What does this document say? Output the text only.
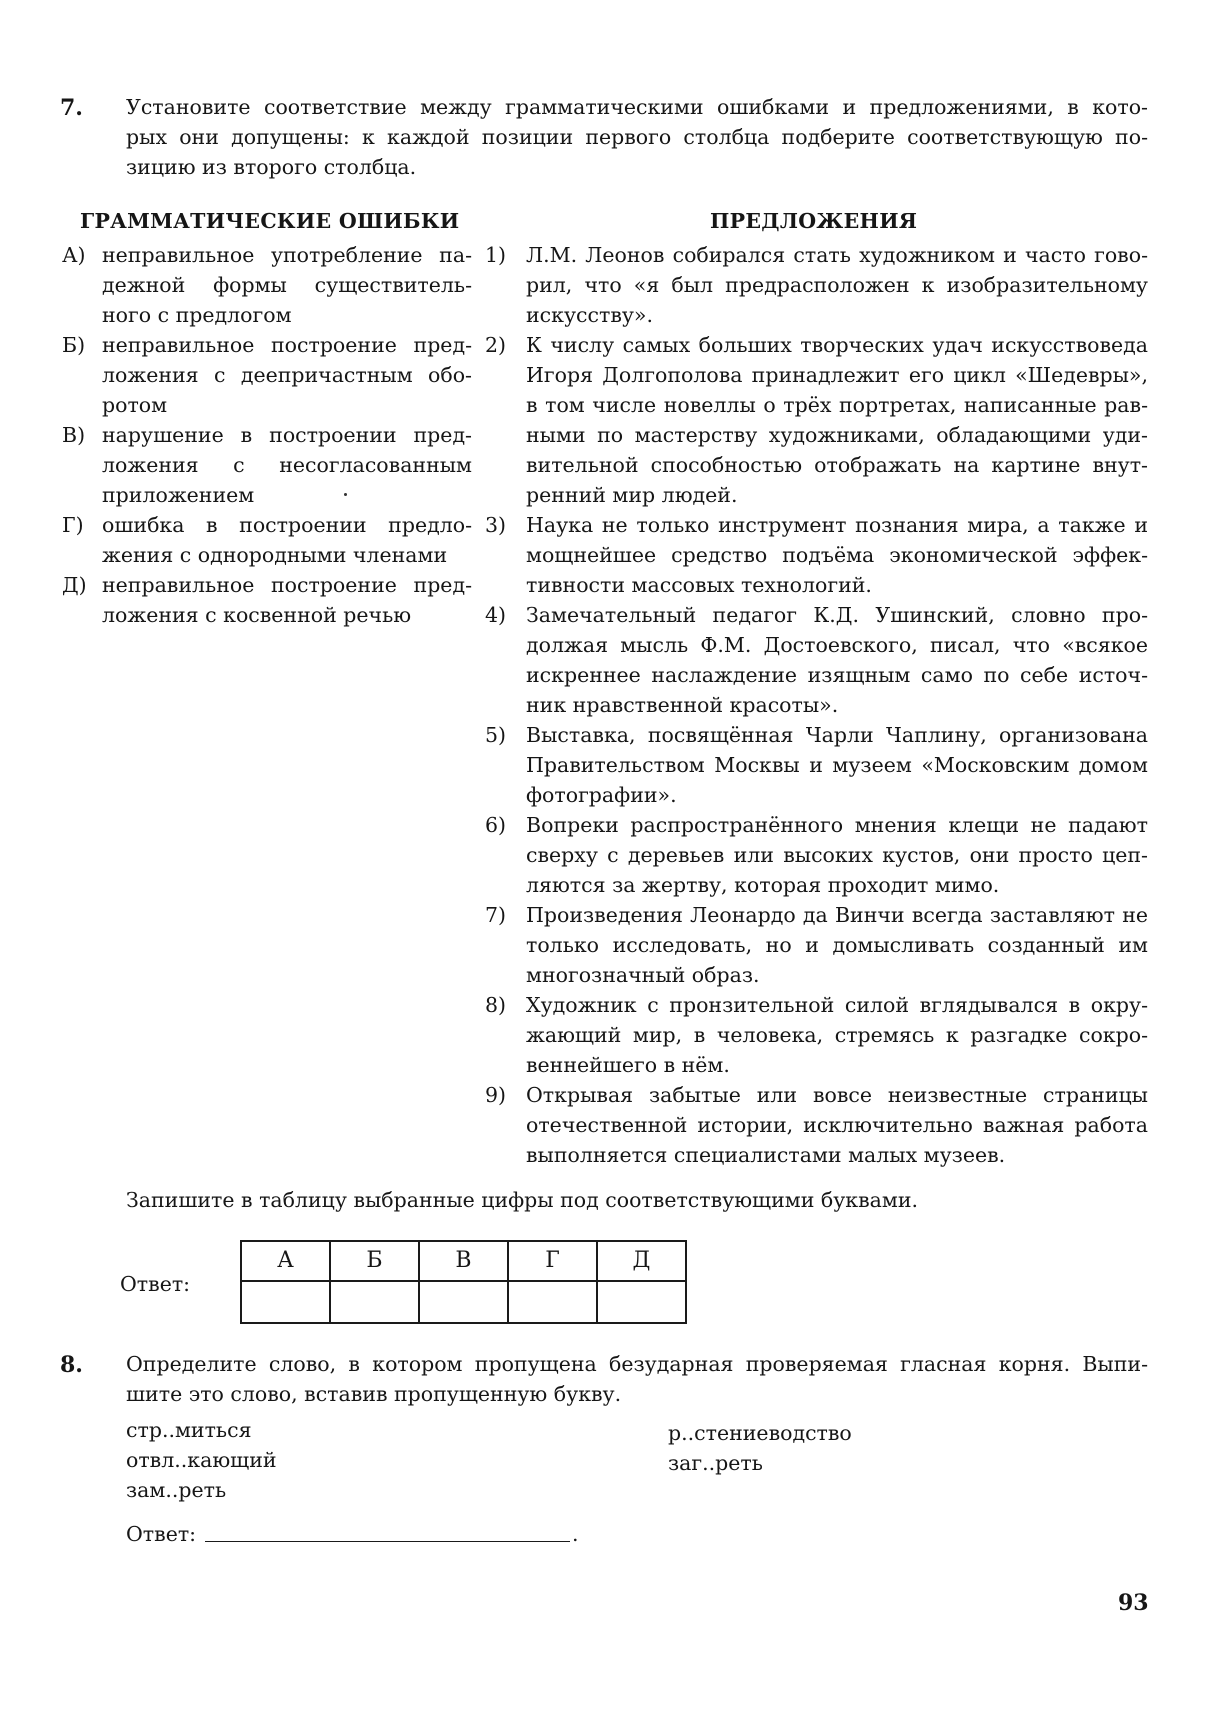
7. Установите соответствие между грамматическими ошибками и предложениями, в кото-
рых они допущены: к каждой позиции первого столбца подберите соответствующую по-
зицию из второго столбца.
ГРАММАТИЧЕСКИЕ ОШИБКИ	ПРЕДЛОЖЕНИЯ
А) неправильное употребление па-
дежной формы существитель-
ного с предлогом
Б) неправильное построение пред-
ложения с деепричастным обо-
ротом
В) нарушение в построении пред-
ложения с несогласованным
приложением
Г) ошибка в построении предло-
жения с однородными членами
Д) неправильное построение пред-
ложения с косвенной речью
1) Л.М. Леонов собирался стать художником и часто гово-
рил, что «я был предрасположен к изобразительному
искусству».
2) К числу самых больших творческих удач искусствоведа
Игоря Долгополова принадлежит его цикл «Шедевры»,
в том числе новеллы о трёх портретах, написанные рав-
ными по мастерству художниками, обладающими уди-
вительной способностью отображать на картине внут-
ренний мир людей.
3) Наука не только инструмент познания мира, а также и
мощнейшее средство подъёма экономической эффек-
тивности массовых технологий.
4) Замечательный педагог К.Д. Ушинский, словно про-
должая мысль Ф.М. Достоевского, писал, что «всякое
искреннее наслаждение изящным само по себе источ-
ник нравственной красоты».
5) Выставка, посвящённая Чарли Чаплину, организована
Правительством Москвы и музеем «Московским домом
фотографии».
6) Вопреки распространённого мнения клещи не падают
сверху с деревьев или высоких кустов, они просто цеп-
ляются за жертву, которая проходит мимо.
7) Произведения Леонардо да Винчи всегда заставляют не
только исследовать, но и домысливать созданный им
многозначный образ.
8) Художник с пронзительной силой вглядывался в окру-
жающий мир, в человека, стремясь к разгадке сокро-
веннейшего в нём.
9) Открывая забытые или вовсе неизвестные страницы
отечественной истории, исключительно важная работа
выполняется специалистами малых музеев.
Запишите в таблицу выбранные цифры под соответствующими буквами.
Ответ:
А	Б	В	Г	Д

8. Определите слово, в котором пропущена безударная проверяемая гласная корня. Выпи-
шите это слово, вставив пропущенную букву.
стр..миться
отвл..кающий
зам..реть
р..стениеводство
заг..реть
Ответ:	.
93
